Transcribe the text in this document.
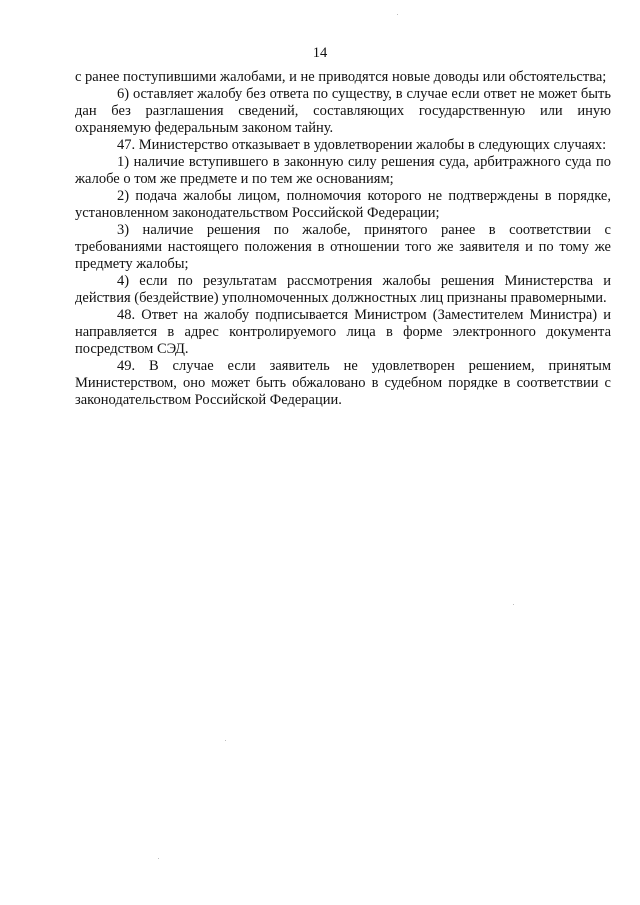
14

с ранее поступившими жалобами, и не приводятся новые доводы или обстоятельства;

6) оставляет жалобу без ответа по существу, в случае если ответ не может быть дан без разглашения сведений, составляющих государственную или иную охраняемую федеральным законом тайну.

47. Министерство отказывает в удовлетворении жалобы в следующих случаях:

1) наличие вступившего в законную силу решения суда, арбитражного суда по жалобе о том же предмете и по тем же основаниям;

2) подача жалобы лицом, полномочия которого не подтверждены в порядке, установленном законодательством Российской Федерации;

3) наличие решения по жалобе, принятого ранее в соответствии с требованиями настоящего положения в отношении того же заявителя и по тому же предмету жалобы;

4) если по результатам рассмотрения жалобы решения Министерства и действия (бездействие) уполномоченных должностных лиц признаны правомерными.

48. Ответ на жалобу подписывается Министром (Заместителем Министра) и направляется в адрес контролируемого лица в форме электронного документа посредством СЭД.

49. В случае если заявитель не удовлетворен решением, принятым Министерством, оно может быть обжаловано в судебном порядке в соответствии с законодательством Российской Федерации.
